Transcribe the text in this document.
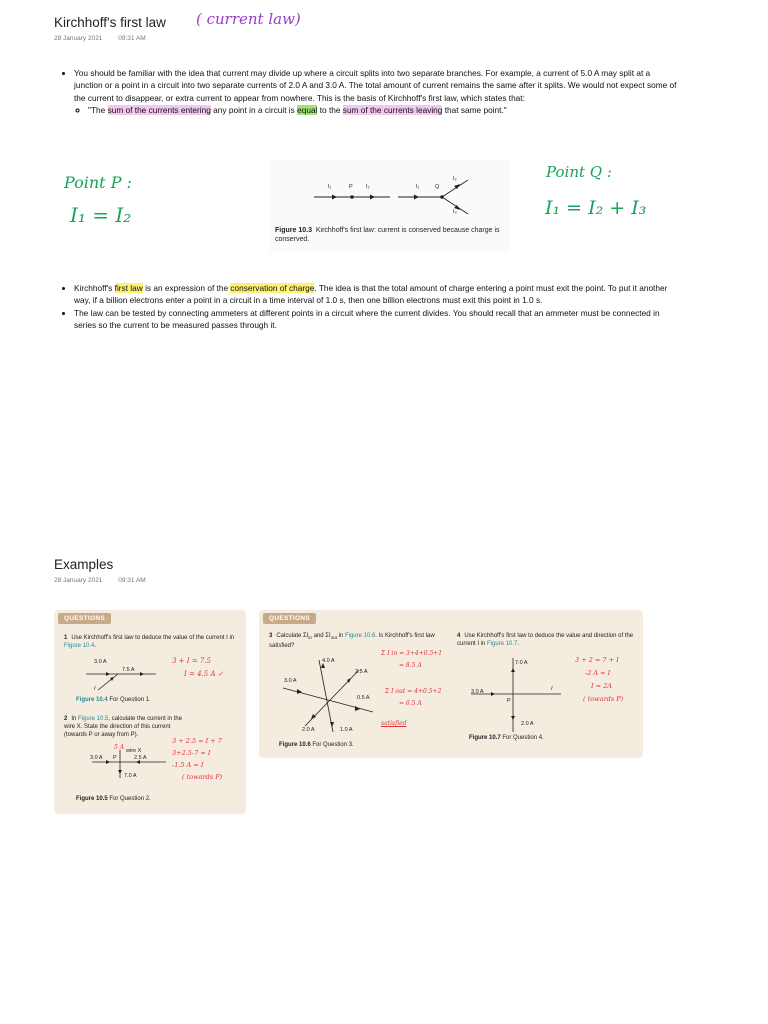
Kirchhoff's first law ( current law)
28 January 2021 09:31 AM
• You should be familiar with the idea that current may divide up where a circuit splits into two separate branches. For example, a current of 5.0 A may split at a junction or a point in a circuit into two separate currents of 2.0 A and 3.0 A. The total amount of current remains the same after it splits. We would not expect some of the current to disappear, or extra current to appear from nowhere. This is the basis of Kirchhoff's first law, which states that:
◦ "The sum of the currents entering any point in a circuit is equal to the sum of the currents leaving that same point."
Point P :
I₁ = I₂
Point Q :
I₁ = I₂ + I₃
I₁	P I₂	I₁	Q
I₂
I₃
Figure 10.3 Kirchhoff's first law: current is conserved because charge is conserved.
• Kirchhoff's first law is an expression of the conservation of charge. The idea is that the total amount of charge entering a point must exit the point. To put it another way, if a billion electrons enter a point in a circuit in a time interval of 1.0 s, then one billion electrons must exit this point in 1.0 s.
• The law can be tested by connecting ammeters at different points in a circuit where the current divides. You should recall that an ammeter must be connected in series so the current to be measured passes through it.
Examples
28 January 2021 09:31 AM
QUESTIONS
1 Use Kirchhoff's first law to deduce the value of the current I in Figure 10.4.
3.0 A
7.5 A
I
Figure 10.4 For Question 1.
3 + I = 7.5
I = 4.5 A ✓
2 In Figure 10.5, calculate the current in the wire X. State the direction of this current (towards P or away from P).
wire X
3.0 A P	2.5 A
7.0 A
5 A
Figure 10.5 For Question 2.
3 + 2.5 = I + 7
3+2.5-7 = I
-1.5 A = I
( towards P)
QUESTIONS
3 Calculate $\Sigma I_{in}$ and $\Sigma I_{out}$ in Figure 10.6. Is Kirchhoff's first law satisfied?
4.0 A
2.5 A
3.0 A
0.5 A
2.0 A	1.0 A
Figure 10.6 For Question 3.
Σ I in = 3+4+0.5+1
= 8.5 A
Σ I out = 4+0.5+2
= 6.5 A
satisfied
4 Use Kirchhoff's first law to deduce the value and direction of the current I in Figure 10.7.
7.0 A
3.0 A	I
P
2.0 A
Figure 10.7 For Question 4.
3 + 2 = 7 + I
-2 A = I
I = 2A
( towards P)
